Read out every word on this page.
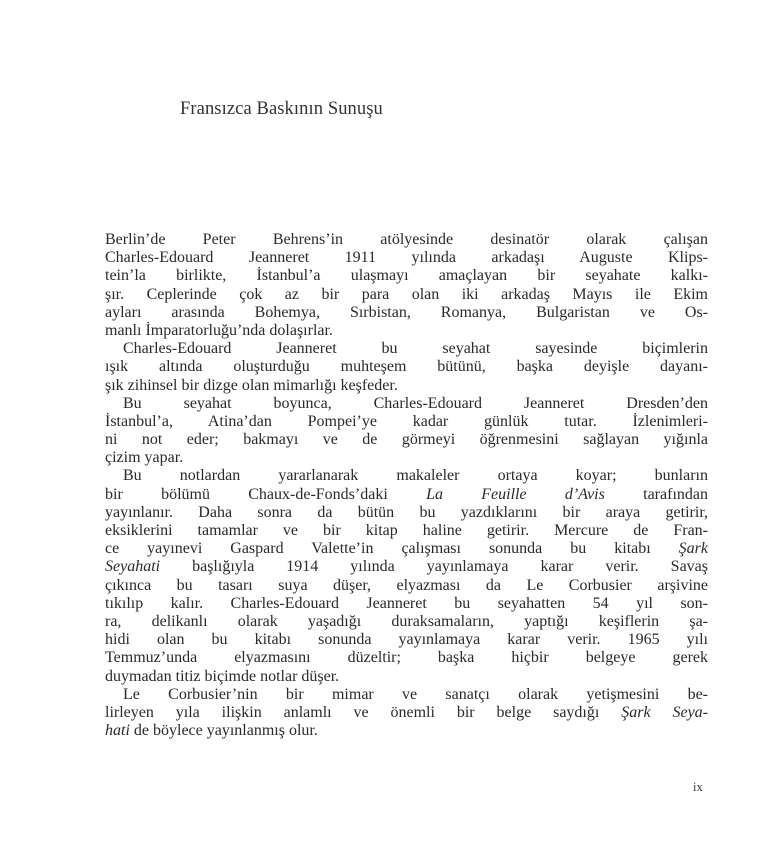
Fransızca Baskının Sunuşu
Berlin’de Peter Behrens’in atölyesinde desinatör olarak çalışan
Charles-Edouard Jeanneret 1911 yılında arkadaşı Auguste Klips-
tein’la birlikte, İstanbul’a ulaşmayı amaçlayan bir seyahate kalkı-
şır. Ceplerinde çok az bir para olan iki arkadaş Mayıs ile Ekim
ayları arasında Bohemya, Sırbistan, Romanya, Bulgaristan ve Os-
manlı İmparatorluğu’nda dolaşırlar.
Charles-Edouard Jeanneret bu seyahat sayesinde biçimlerin
ışık altında oluşturduğu muhteşem bütünü, başka deyişle dayanı-
şık zihinsel bir dizge olan mimarlığı keşfeder.
Bu seyahat boyunca, Charles-Edouard Jeanneret Dresden’den
İstanbul’a, Atina’dan Pompei’ye kadar günlük tutar. İzlenimleri-
ni not eder; bakmayı ve de görmeyi öğrenmesini sağlayan yığınla
çizim yapar.
Bu notlardan yararlanarak makaleler ortaya koyar; bunların
bir bölümü Chaux-de-Fonds’daki La Feuille d’Avis tarafından
yayınlanır. Daha sonra da bütün bu yazdıklarını bir araya getirir,
eksiklerini tamamlar ve bir kitap haline getirir. Mercure de Fran-
ce yayınevi Gaspard Valette’in çalışması sonunda bu kitabı Şark
Seyahati başlığıyla 1914 yılında yayınlamaya karar verir. Savaş
çıkınca bu tasarı suya düşer, elyazması da Le Corbusier arşivine
tıkılıp kalır. Charles-Edouard Jeanneret bu seyahatten 54 yıl son-
ra, delikanlı olarak yaşadığı duraksamaların, yaptığı keşiflerin şa-
hidi olan bu kitabı sonunda yayınlamaya karar verir. 1965 yılı
Temmuz’unda elyazmasını düzeltir; başka hiçbir belgeye gerek
duymadan titiz biçimde notlar düşer.
Le Corbusier’nin bir mimar ve sanatçı olarak yetişmesini be-
lirleyen yıla ilişkin anlamlı ve önemli bir belge saydığı Şark Seya-
hati de böylece yayınlanmış olur.
ix
